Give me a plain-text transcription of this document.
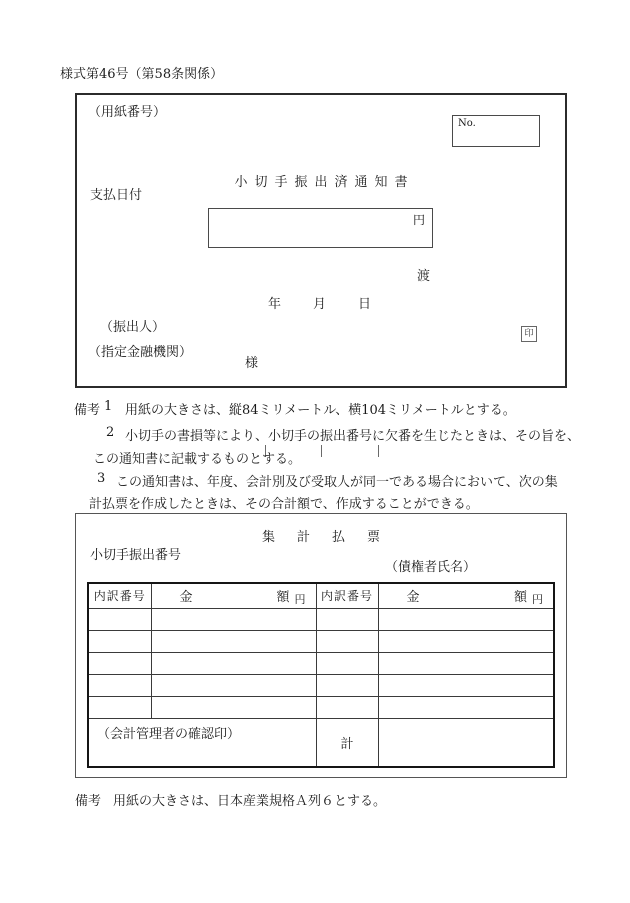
様式第46号（第58条関係）
（用紙番号）
No.
小切手振出済通知書
支払日付
円
渡
年 月 日
（振出人）	印
（指定金融機関）
様
備考 1 用紙の大きさは、縦84ミリメートル、横104ミリメートルとする。
2 小切手の書損等により、小切手の振出番号に欠番を生じたときは、その旨を、
この通知書に記載するものとする。
3 この通知書は、年度、会計別及び受取人が同一である場合において、次の集
計払票を作成したときは、その合計額で、作成することができる。
集計払票
小切手振出番号
（債権者氏名）
内訳番号	金 額 円	内訳番号	金 額 円

（会計管理者の確認印）		計	
備考 用紙の大きさは、日本産業規格Ａ列６とする。
